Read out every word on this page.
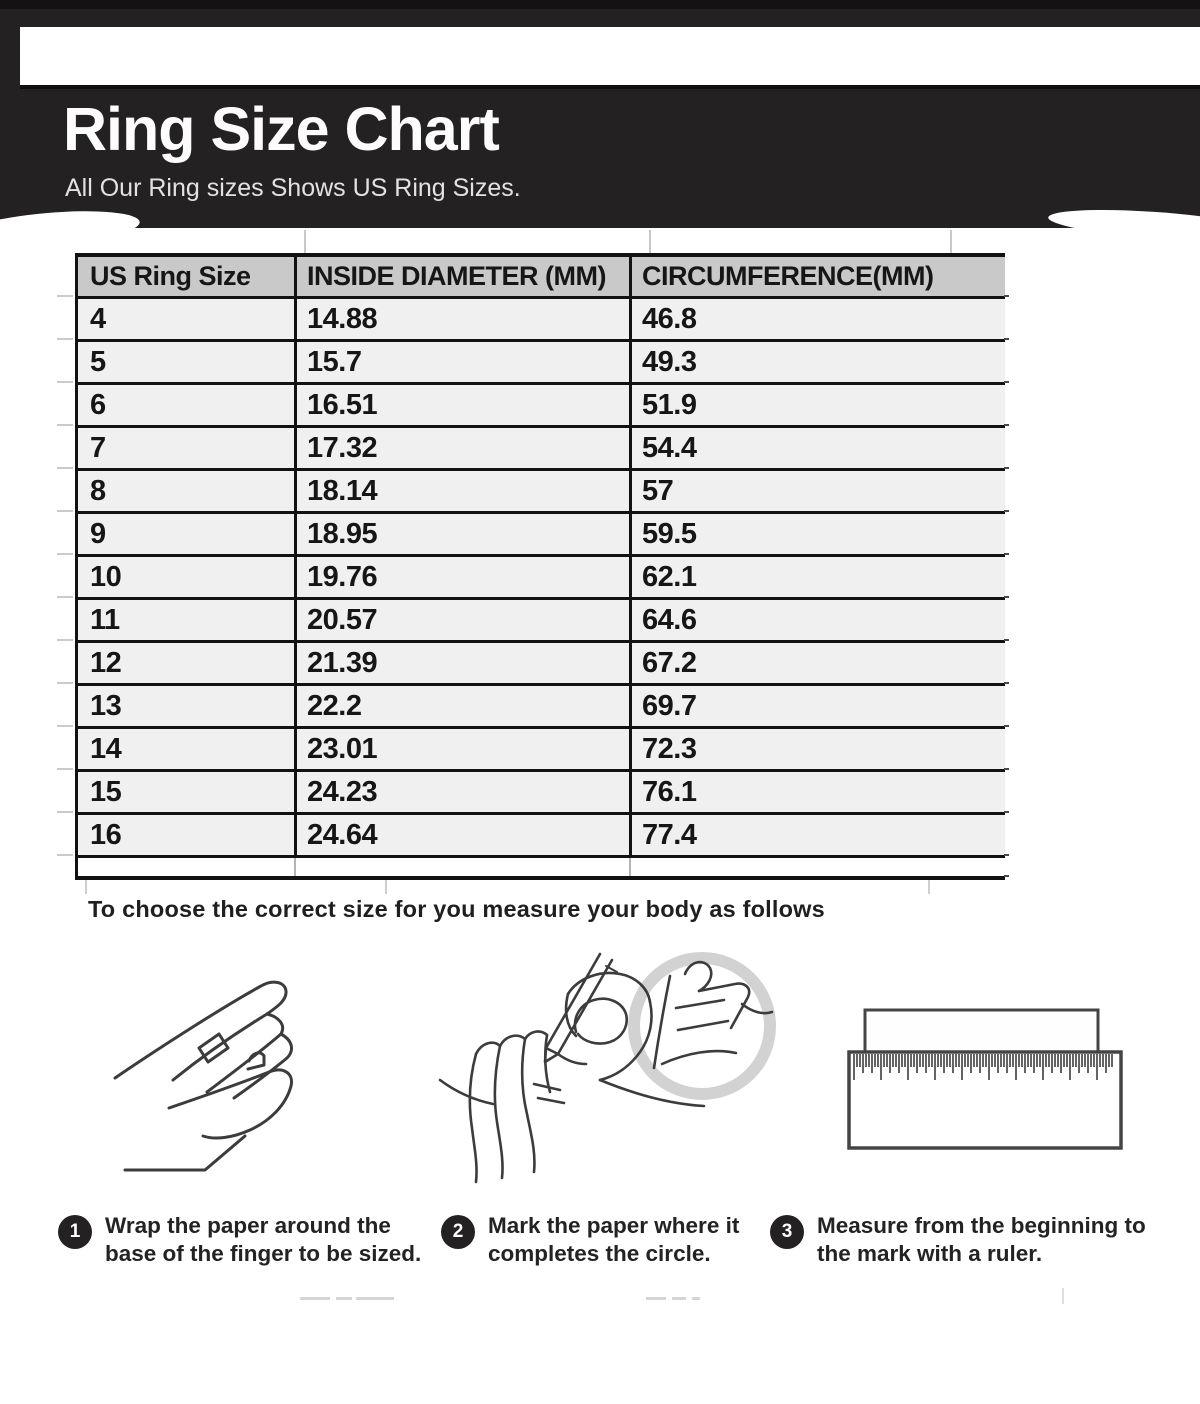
Ring Size Chart
All Our Ring sizes Shows US Ring Sizes.
US Ring Size	INSIDE DIAMETER (MM)	CIRCUMFERENCE(MM)
4	14.88	46.8
5	15.7	49.3
6	16.51	51.9
7	17.32	54.4
8	18.14	57
9	18.95	59.5
10	19.76	62.1
11	20.57	64.6
12	21.39	67.2
13	22.2	69.7
14	23.01	72.3
15	24.23	76.1
16	24.64	77.4
To choose the correct size for you measure your body as follows
1	Wrap the paper around the base of the finger to be sized.
2	Mark the paper where it completes the circle.
3	Measure from the beginning to the mark with a ruler.
